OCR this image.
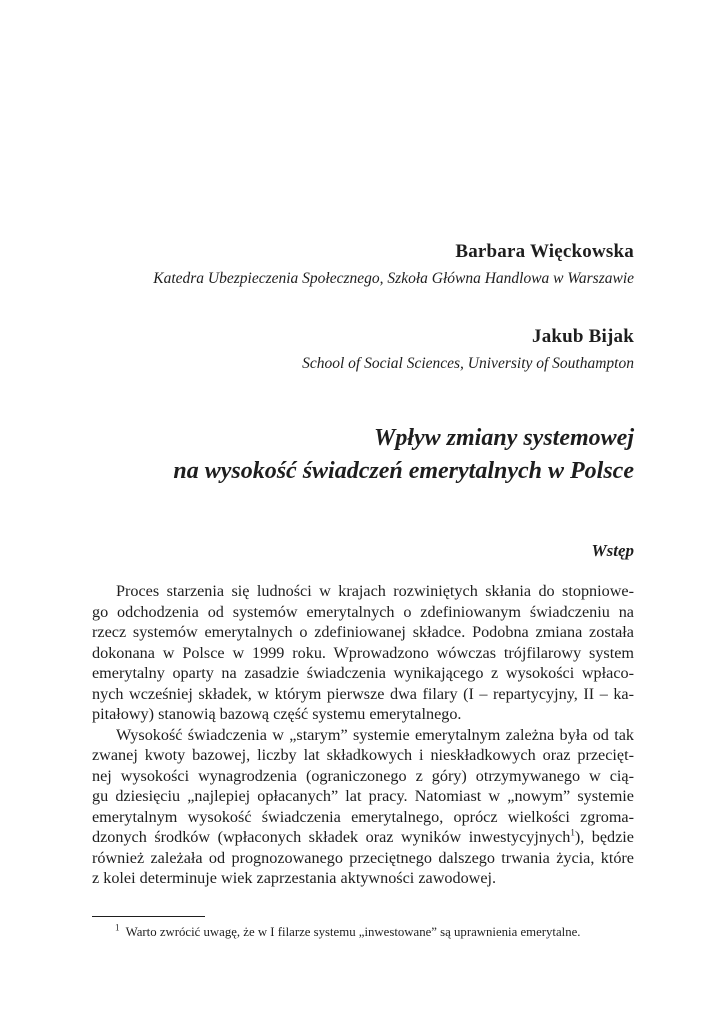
Barbara Więckowska
Katedra Ubezpieczenia Społecznego, Szkoła Główna Handlowa w Warszawie
Jakub Bijak
School of Social Sciences, University of Southampton
Wpływ zmiany systemowej
na wysokość świadczeń emerytalnych w Polsce
Wstęp
Proces starzenia się ludności w krajach rozwiniętych skłania do stopniowe-
go odchodzenia od systemów emerytalnych o zdefiniowanym świadczeniu na
rzecz systemów emerytalnych o zdefiniowanej składce. Podobna zmiana została
dokonana w Polsce w 1999 roku. Wprowadzono wówczas trójfilarowy system
emerytalny oparty na zasadzie świadczenia wynikającego z wysokości wpłaco-
nych wcześniej składek, w którym pierwsze dwa filary (I – repartycyjny, II – ka-
pitałowy) stanowią bazową część systemu emerytalnego.
Wysokość świadczenia w „starym” systemie emerytalnym zależna była od tak
zwanej kwoty bazowej, liczby lat składkowych i nieskładkowych oraz przecięt-
nej wysokości wynagrodzenia (ograniczonego z góry) otrzymywanego w cią-
gu dziesięciu „najlepiej opłacanych” lat pracy. Natomiast w „nowym” systemie
emerytalnym wysokość świadczenia emerytalnego, oprócz wielkości zgroma-
dzonych środków (wpłaconych składek oraz wyników inwestycyjnych$^1$), będzie
również zależała od prognozowanego przeciętnego dalszego trwania życia, które
z kolei determinuje wiek zaprzestania aktywności zawodowej.
$^1$ Warto zwrócić uwagę, że w I filarze systemu „inwestowane” są uprawnienia emerytalne.
